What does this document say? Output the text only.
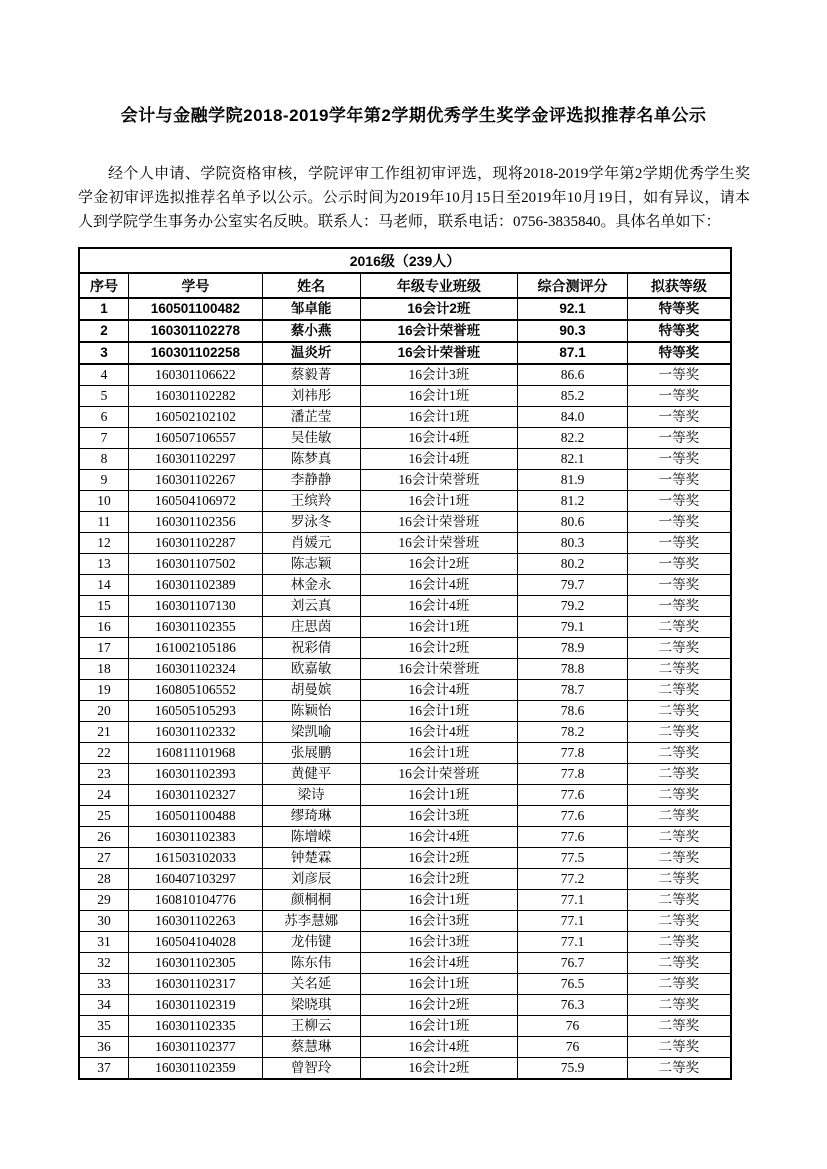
会计与金融学院2018-2019学年第2学期优秀学生奖学金评选拟推荐名单公示

经个人申请、学院资格审核，学院评审工作组初审评选，现将2018-2019学年第2学期优秀学生奖学金初审评选拟推荐名单予以公示。公示时间为2019年10月15日至2019年10月19日，如有异议，请本人到学院学生事务办公室实名反映。联系人：马老师，联系电话：0756-3835840。具体名单如下：

2016级（239人）					
序号	学号	姓名	年级专业班级	综合测评分	拟获等级
1	160501100482	邹卓能	16会计2班	92.1	特等奖
2	160301102278	蔡小燕	16会计荣誉班	90.3	特等奖
3	160301102258	温炎圻	16会计荣誉班	87.1	特等奖
4	160301106622	蔡毅菁	16会计3班	86.6	一等奖
5	160301102282	刘祎彤	16会计1班	85.2	一等奖
6	160502102102	潘芷莹	16会计1班	84.0	一等奖
7	160507106557	吴佳敏	16会计4班	82.2	一等奖
8	160301102297	陈梦真	16会计4班	82.1	一等奖
9	160301102267	李静静	16会计荣誉班	81.9	一等奖
10	160504106972	王缤羚	16会计1班	81.2	一等奖
11	160301102356	罗泳冬	16会计荣誉班	80.6	一等奖
12	160301102287	肖媛元	16会计荣誉班	80.3	一等奖
13	160301107502	陈志颖	16会计2班	80.2	一等奖
14	160301102389	林金永	16会计4班	79.7	一等奖
15	160301107130	刘云真	16会计4班	79.2	一等奖
16	160301102355	庄思茵	16会计1班	79.1	二等奖
17	161002105186	祝彩倩	16会计2班	78.9	二等奖
18	160301102324	欧嘉敏	16会计荣誉班	78.8	二等奖
19	160805106552	胡曼嫔	16会计4班	78.7	二等奖
20	160505105293	陈颖怡	16会计1班	78.6	二等奖
21	160301102332	梁凯喻	16会计4班	78.2	二等奖
22	160811101968	张展鹏	16会计1班	77.8	二等奖
23	160301102393	黄健平	16会计荣誉班	77.8	二等奖
24	160301102327	梁诗	16会计1班	77.6	二等奖
25	160501100488	缪琦琳	16会计3班	77.6	二等奖
26	160301102383	陈增嵘	16会计4班	77.6	二等奖
27	161503102033	钟楚霖	16会计2班	77.5	二等奖
28	160407103297	刘彦辰	16会计2班	77.2	二等奖
29	160810104776	颜桐桐	16会计1班	77.1	二等奖
30	160301102263	苏李慧娜	16会计3班	77.1	二等奖
31	160504104028	龙伟键	16会计3班	77.1	二等奖
32	160301102305	陈东伟	16会计4班	76.7	二等奖
33	160301102317	关名延	16会计1班	76.5	二等奖
34	160301102319	梁晓琪	16会计2班	76.3	二等奖
35	160301102335	王柳云	16会计1班	76	二等奖
36	160301102377	蔡慧琳	16会计4班	76	二等奖
37	160301102359	曾智玲	16会计2班	75.9	二等奖
